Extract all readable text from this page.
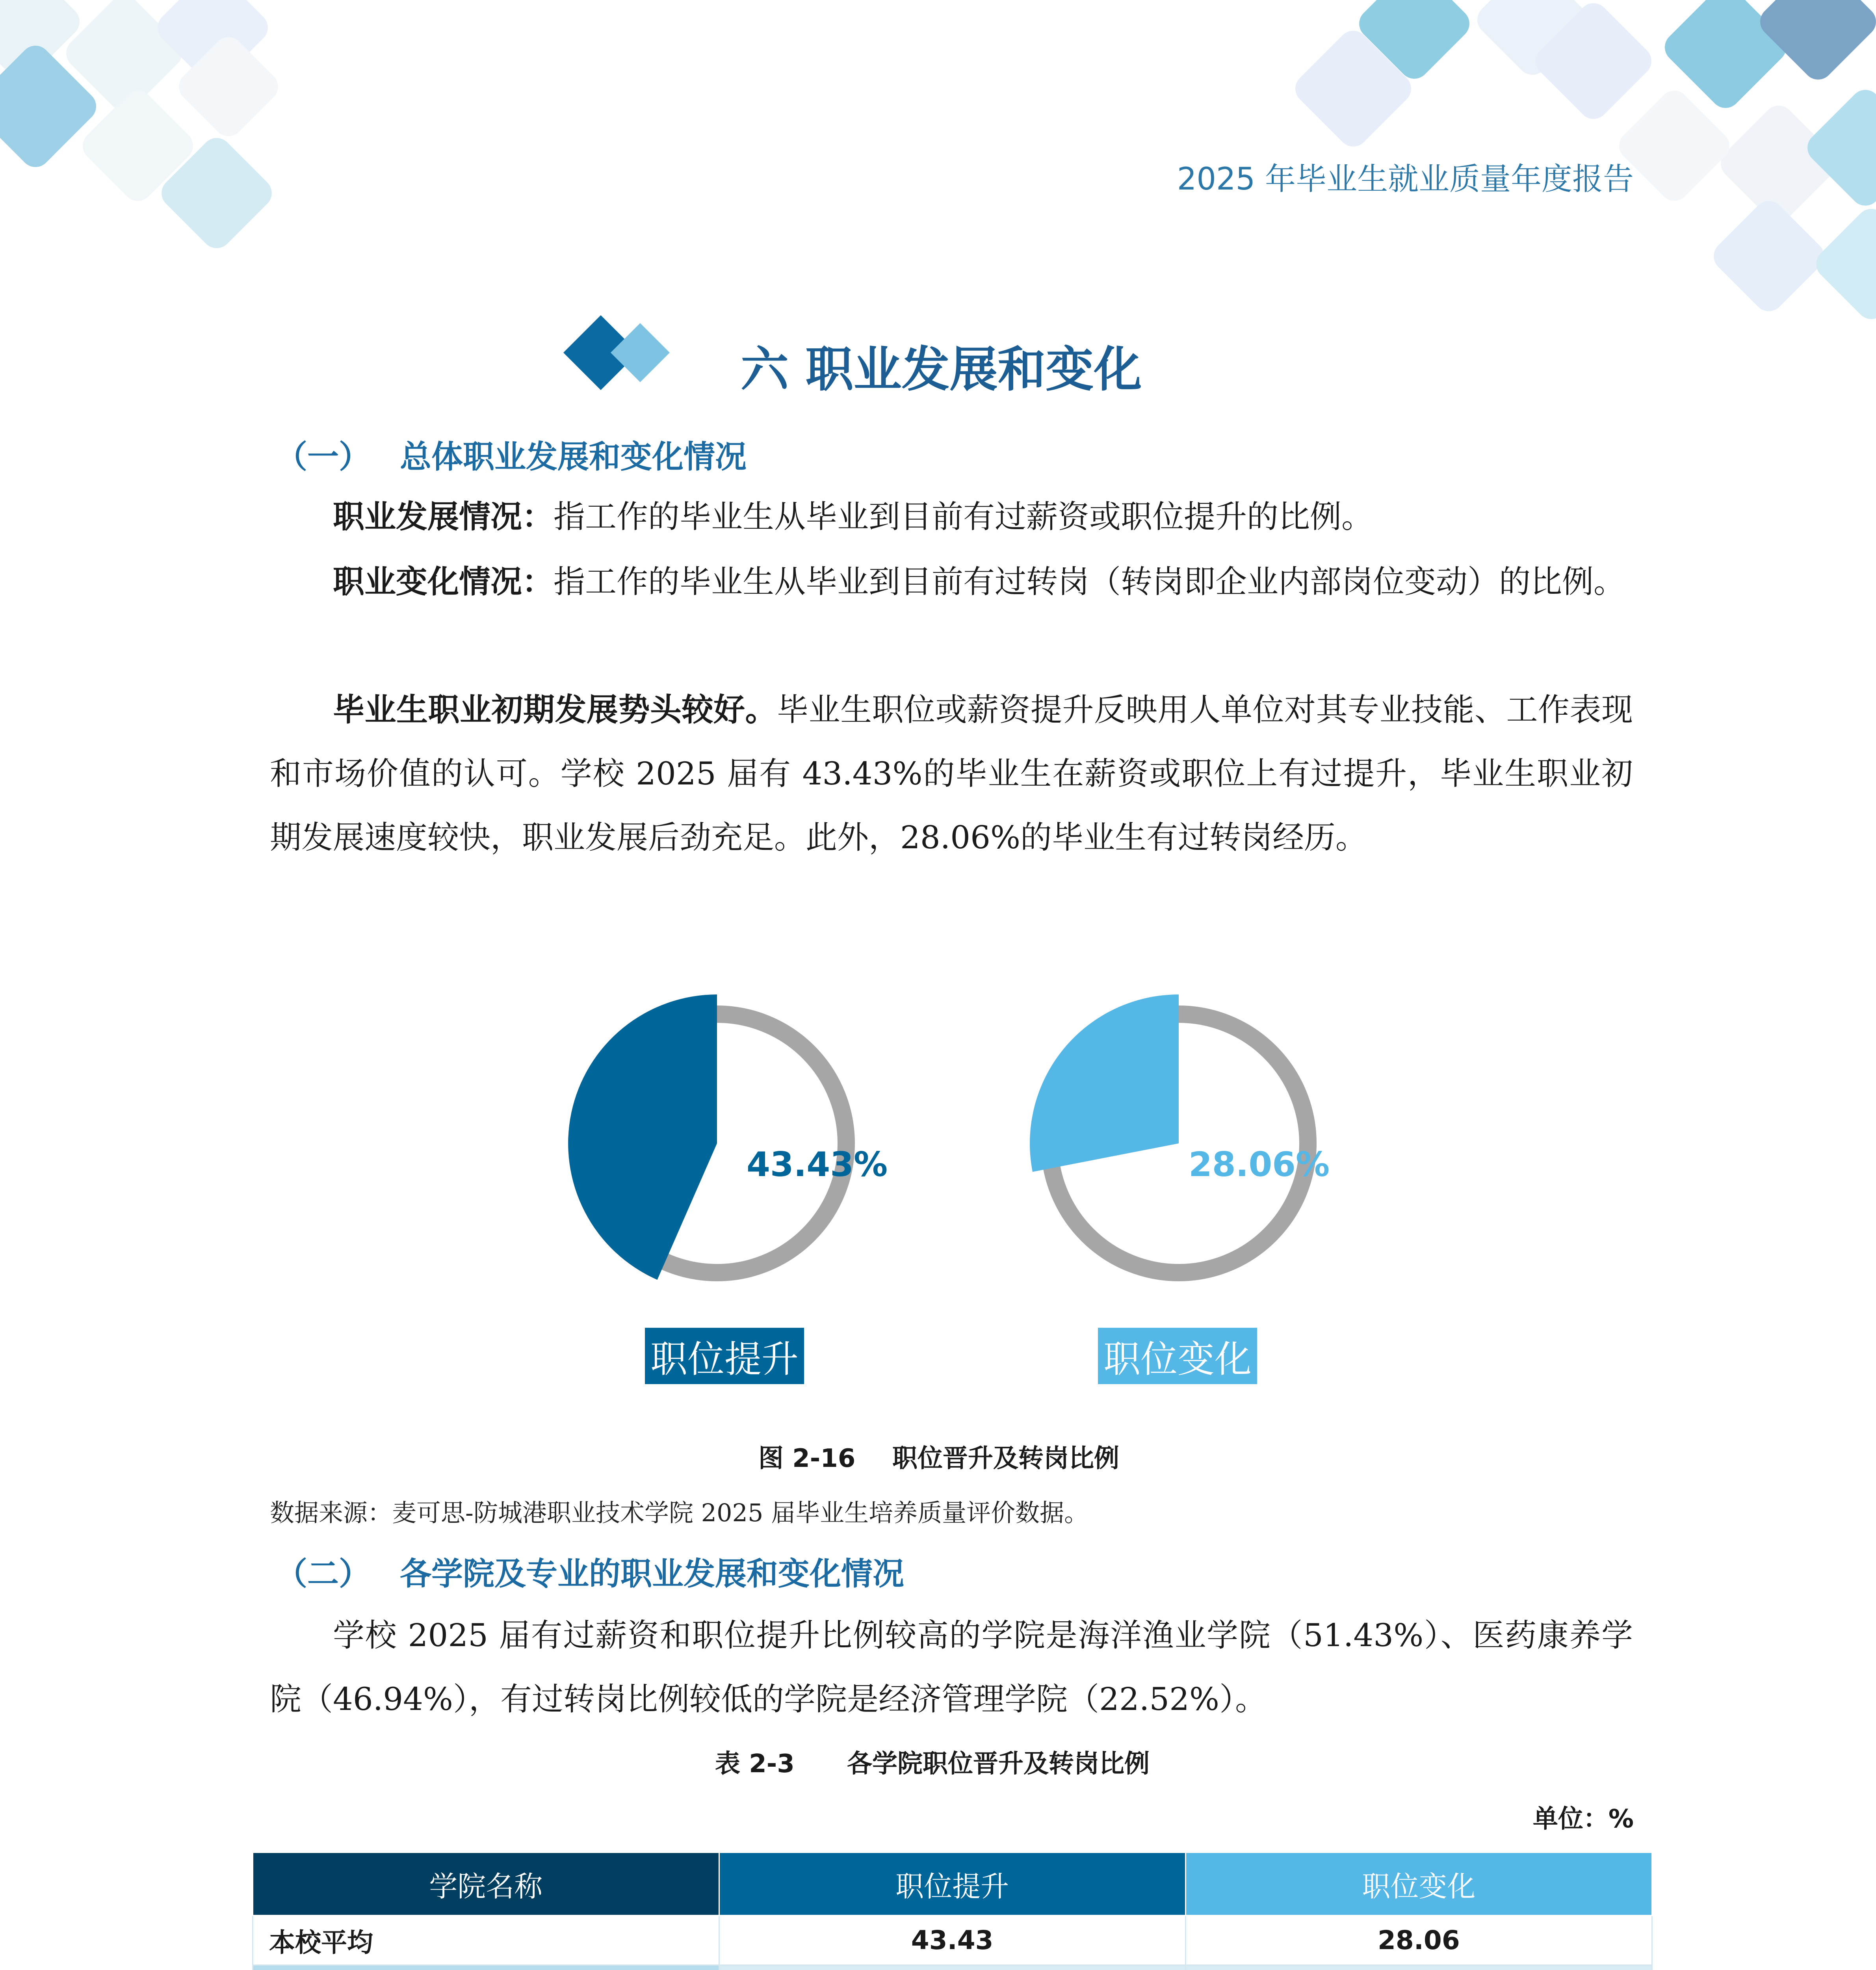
2025 年毕业生就业质量年度报告
六 职业发展和变化
（一） 总体职业发展和变化情况
职业发展情况：指工作的毕业生从毕业到目前有过薪资或职位提升的比例。
职业变化情况：指工作的毕业生从毕业到目前有过转岗（转岗即企业内部岗位变动）的比例。
毕业生职业初期发展势头较好。毕业生职位或薪资提升反映用人单位对其专业技能、工作表现和市场价值的认可。学校 2025 届有 43.43%的毕业生在薪资或职位上有过提升，毕业生职业初期发展速度较快，职业发展后劲充足。此外，28.06%的毕业生有过转岗经历。
43.43%
职位提升
28.06%
职位变化
图 2-16 职位晋升及转岗比例
数据来源：麦可思-防城港职业技术学院 2025 届毕业生培养质量评价数据。
（二） 各学院及专业的职业发展和变化情况
学校 2025 届有过薪资和职位提升比例较高的学院是海洋渔业学院（51.43%）、医药康养学院（46.94%），有过转岗比例较低的学院是经济管理学院（22.52%）。
表 2-3 各学院职位晋升及转岗比例
单位：%
学院名称	职位提升	职位变化
本校平均	43.43	28.06
